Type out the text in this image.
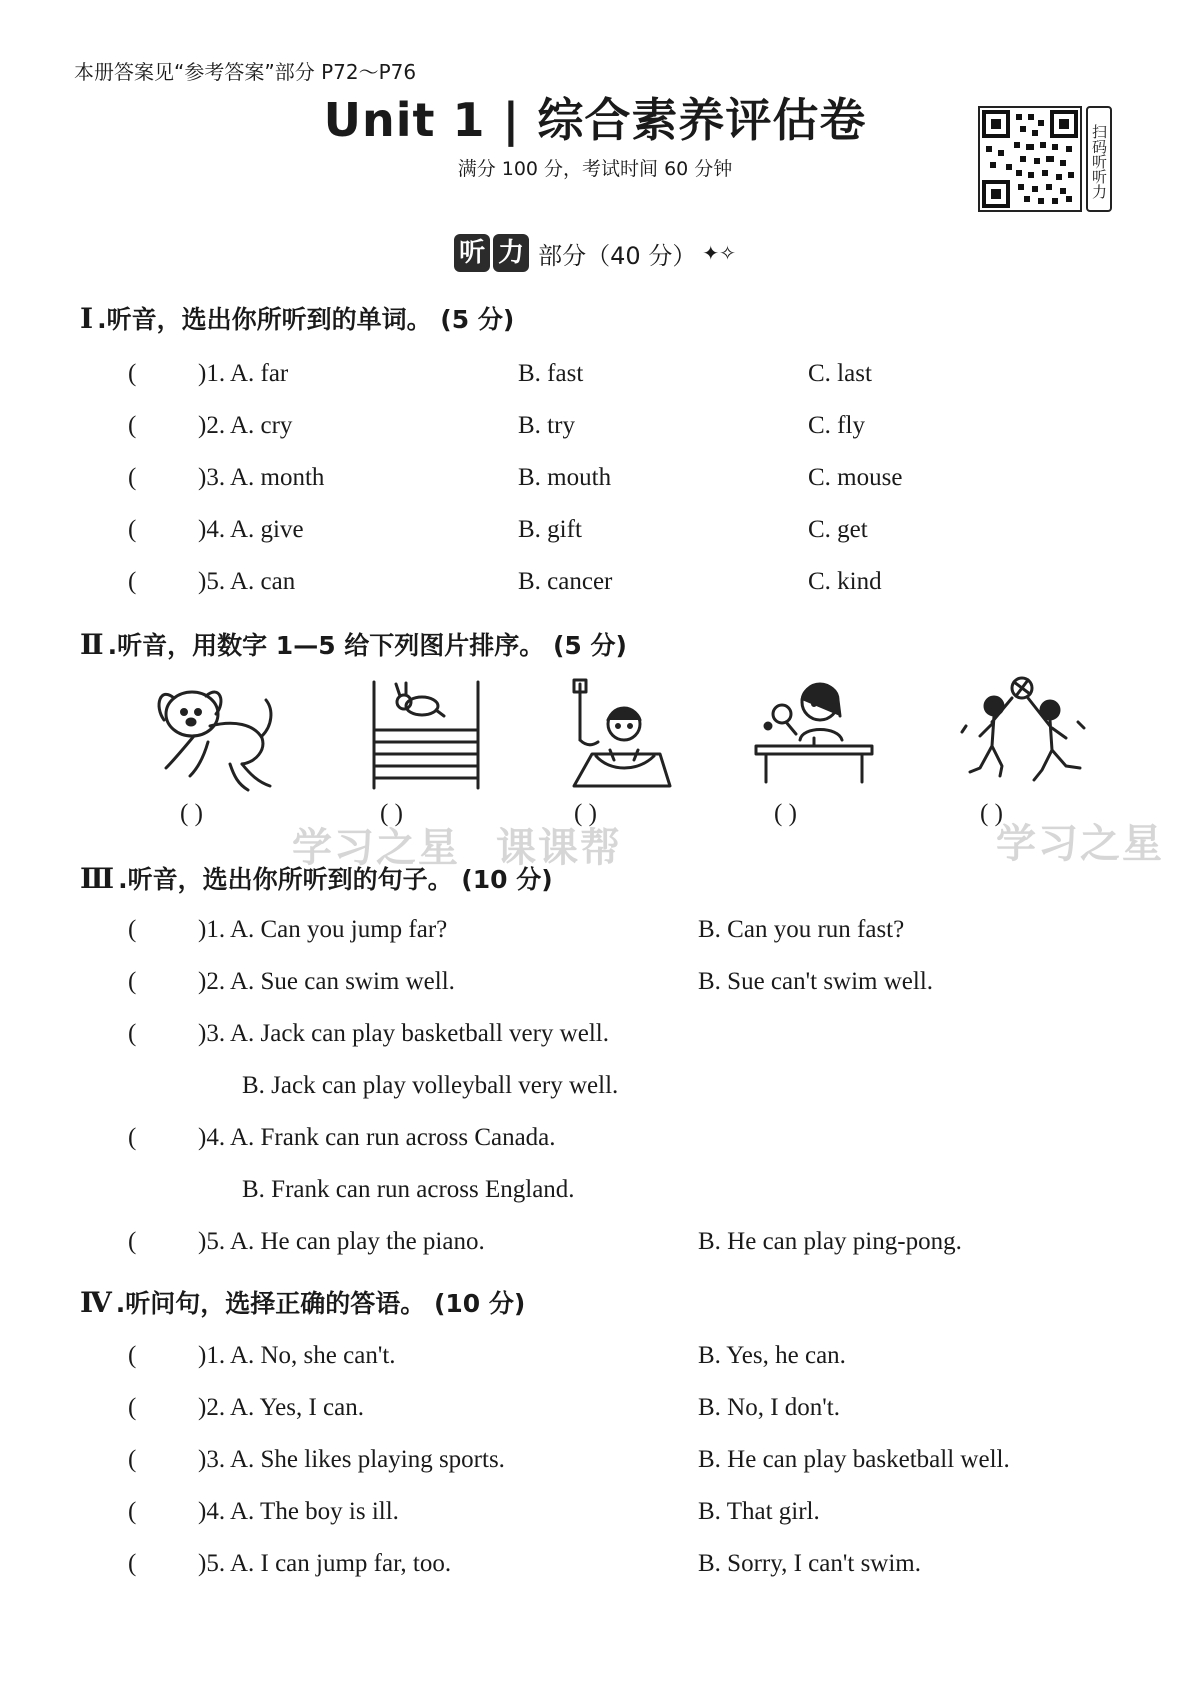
本册答案见“参考答案”部分 P72～P76
Unit 1 | 综合素养评估卷
满分 100 分，考试时间 60 分钟	扫码听听力
听 力 部分（40 分） ✦✧
Ⅰ .听音，选出你所听到的单词。 (5 分)
( )1. A. far	B. fast	C. last
( )2. A. cry	B. try	C. fly
( )3. A. month	B. mouth	C. mouse
( )4. A. give	B. gift	C. get
( )5. A. can	B. cancer	C. kind
Ⅱ .听音，用数字 1—5 给下列图片排序。 (5 分)
( )	( )	( )	( )	( )
学习之星 课课帮	学习之星
Ⅲ .听音，选出你所听到的句子。 (10 分)
( )1. A. Can you jump far?	B. Can you run fast?
( )2. A. Sue can swim well.	B. Sue can't swim well.
( )3. A. Jack can play basketball very well.
B. Jack can play volleyball very well.
( )4. A. Frank can run across Canada.
B. Frank can run across England.
( )5. A. He can play the piano.	B. He can play ping-pong.
Ⅳ .听问句，选择正确的答语。 (10 分)
( )1. A. No, she can't.	B. Yes, he can.
( )2. A. Yes, I can.	B. No, I don't.
( )3. A. She likes playing sports.	B. He can play basketball well.
( )4. A. The boy is ill.	B. That girl.
( )5. A. I can jump far, too.	B. Sorry, I can't swim.
